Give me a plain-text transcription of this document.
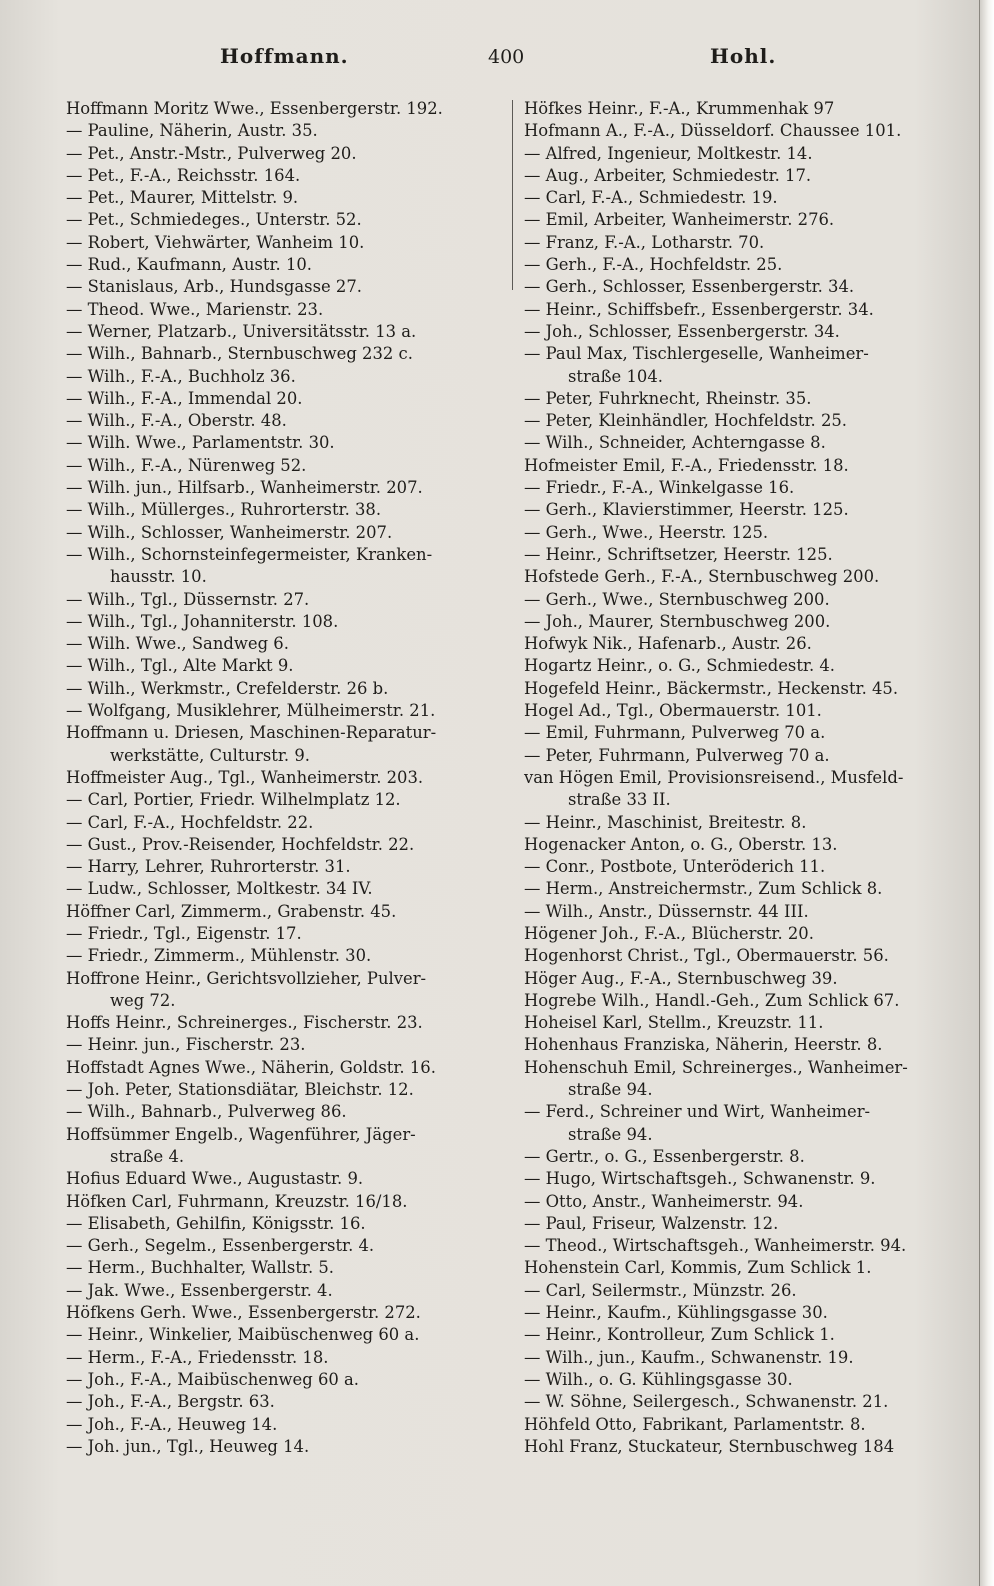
Hoffmann.	400	Hohl.
Hoffmann Moritz Wwe., Essenbergerstr. 192.
— Pauline, Näherin, Austr. 35.
— Pet., Anstr.-Mstr., Pulverweg 20.
— Pet., F.-A., Reichsstr. 164.
— Pet., Maurer, Mittelstr. 9.
— Pet., Schmiedeges., Unterstr. 52.
— Robert, Viehwärter, Wanheim 10.
— Rud., Kaufmann, Austr. 10.
— Stanislaus, Arb., Hundsgasse 27.
— Theod. Wwe., Marienstr. 23.
— Werner, Platzarb., Universitätsstr. 13 a.
— Wilh., Bahnarb., Sternbuschweg 232 c.
— Wilh., F.-A., Buchholz 36.
— Wilh., F.-A., Immendal 20.
— Wilh., F.-A., Oberstr. 48.
— Wilh. Wwe., Parlamentstr. 30.
— Wilh., F.-A., Nürenweg 52.
— Wilh. jun., Hilfsarb., Wanheimerstr. 207.
— Wilh., Müllerges., Ruhrorterstr. 38.
— Wilh., Schlosser, Wanheimerstr. 207.
— Wilh., Schornsteinfegermeister, Kranken-
hausstr. 10.
— Wilh., Tgl., Düssernstr. 27.
— Wilh., Tgl., Johanniterstr. 108.
— Wilh. Wwe., Sandweg 6.
— Wilh., Tgl., Alte Markt 9.
— Wilh., Werkmstr., Crefelderstr. 26 b.
— Wolfgang, Musiklehrer, Mülheimerstr. 21.
Hoffmann u. Driesen, Maschinen-Reparatur-
werkstätte, Culturstr. 9.
Hoffmeister Aug., Tgl., Wanheimerstr. 203.
— Carl, Portier, Friedr. Wilhelmplatz 12.
— Carl, F.-A., Hochfeldstr. 22.
— Gust., Prov.-Reisender, Hochfeldstr. 22.
— Harry, Lehrer, Ruhrorterstr. 31.
— Ludw., Schlosser, Moltkestr. 34 IV.
Höffner Carl, Zimmerm., Grabenstr. 45.
— Friedr., Tgl., Eigenstr. 17.
— Friedr., Zimmerm., Mühlenstr. 30.
Hoffrone Heinr., Gerichtsvollzieher, Pulver-
weg 72.
Hoffs Heinr., Schreinerges., Fischerstr. 23.
— Heinr. jun., Fischerstr. 23.
Hoffstadt Agnes Wwe., Näherin, Goldstr. 16.
— Joh. Peter, Stationsdiätar, Bleichstr. 12.
— Wilh., Bahnarb., Pulverweg 86.
Hoffsümmer Engelb., Wagenführer, Jäger-
straße 4.
Hofius Eduard Wwe., Augustastr. 9.
Höfken Carl, Fuhrmann, Kreuzstr. 16/18.
— Elisabeth, Gehilfin, Königsstr. 16.
— Gerh., Segelm., Essenbergerstr. 4.
— Herm., Buchhalter, Wallstr. 5.
— Jak. Wwe., Essenbergerstr. 4.
Höfkens Gerh. Wwe., Essenbergerstr. 272.
— Heinr., Winkelier, Maibüschenweg 60 a.
— Herm., F.-A., Friedensstr. 18.
— Joh., F.-A., Maibüschenweg 60 a.
— Joh., F.-A., Bergstr. 63.
— Joh., F.-A., Heuweg 14.
— Joh. jun., Tgl., Heuweg 14.
Höfkes Heinr., F.-A., Krummenhak 97
Hofmann A., F.-A., Düsseldorf. Chaussee 101.
— Alfred, Ingenieur, Moltkestr. 14.
— Aug., Arbeiter, Schmiedestr. 17.
— Carl, F.-A., Schmiedestr. 19.
— Emil, Arbeiter, Wanheimerstr. 276.
— Franz, F.-A., Lotharstr. 70.
— Gerh., F.-A., Hochfeldstr. 25.
— Gerh., Schlosser, Essenbergerstr. 34.
— Heinr., Schiffsbefr., Essenbergerstr. 34.
— Joh., Schlosser, Essenbergerstr. 34.
— Paul Max, Tischlergeselle, Wanheimer-
straße 104.
— Peter, Fuhrknecht, Rheinstr. 35.
— Peter, Kleinhändler, Hochfeldstr. 25.
— Wilh., Schneider, Achterngasse 8.
Hofmeister Emil, F.-A., Friedensstr. 18.
— Friedr., F.-A., Winkelgasse 16.
— Gerh., Klavierstimmer, Heerstr. 125.
— Gerh., Wwe., Heerstr. 125.
— Heinr., Schriftsetzer, Heerstr. 125.
Hofstede Gerh., F.-A., Sternbuschweg 200.
— Gerh., Wwe., Sternbuschweg 200.
— Joh., Maurer, Sternbuschweg 200.
Hofwyk Nik., Hafenarb., Austr. 26.
Hogartz Heinr., o. G., Schmiedestr. 4.
Hogefeld Heinr., Bäckermstr., Heckenstr. 45.
Hogel Ad., Tgl., Obermauerstr. 101.
— Emil, Fuhrmann, Pulverweg 70 a.
— Peter, Fuhrmann, Pulverweg 70 a.
van Högen Emil, Provisionsreisend., Musfeld-
straße 33 II.
— Heinr., Maschinist, Breitestr. 8.
Hogenacker Anton, o. G., Oberstr. 13.
— Conr., Postbote, Unteröderich 11.
— Herm., Anstreichermstr., Zum Schlick 8.
— Wilh., Anstr., Düssernstr. 44 III.
Högener Joh., F.-A., Blücherstr. 20.
Hogenhorst Christ., Tgl., Obermauerstr. 56.
Höger Aug., F.-A., Sternbuschweg 39.
Hogrebe Wilh., Handl.-Geh., Zum Schlick 67.
Hoheisel Karl, Stellm., Kreuzstr. 11.
Hohenhaus Franziska, Näherin, Heerstr. 8.
Hohenschuh Emil, Schreinerges., Wanheimer-
straße 94.
— Ferd., Schreiner und Wirt, Wanheimer-
straße 94.
— Gertr., o. G., Essenbergerstr. 8.
— Hugo, Wirtschaftsgeh., Schwanenstr. 9.
— Otto, Anstr., Wanheimerstr. 94.
— Paul, Friseur, Walzenstr. 12.
— Theod., Wirtschaftsgeh., Wanheimerstr. 94.
Hohenstein Carl, Kommis, Zum Schlick 1.
— Carl, Seilermstr., Münzstr. 26.
— Heinr., Kaufm., Kühlingsgasse 30.
— Heinr., Kontrolleur, Zum Schlick 1.
— Wilh., jun., Kaufm., Schwanenstr. 19.
— Wilh., o. G. Kühlingsgasse 30.
— W. Söhne, Seilergesch., Schwanenstr. 21.
Höhfeld Otto, Fabrikant, Parlamentstr. 8.
Hohl Franz, Stuckateur, Sternbuschweg 184
